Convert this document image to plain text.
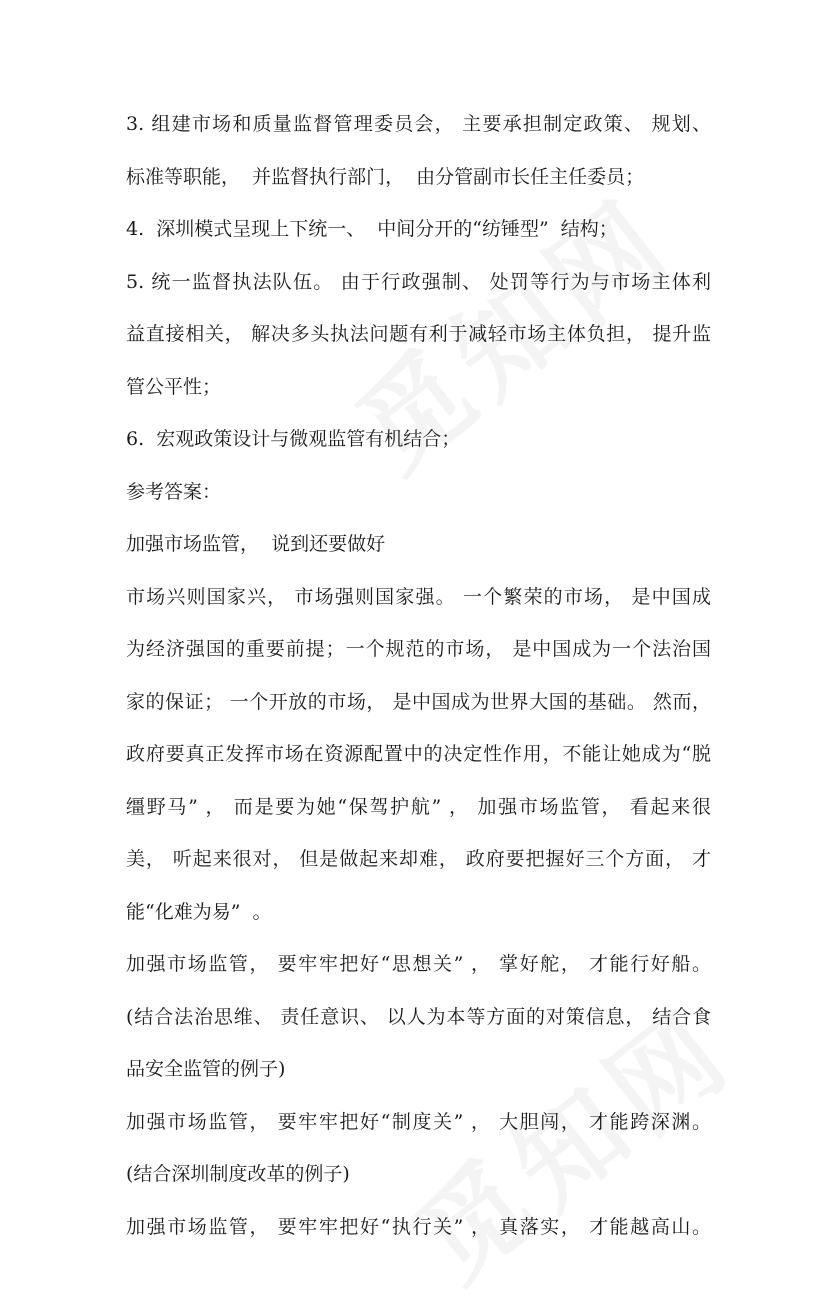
3. 组建市场和质量监督管理委员会， 主要承担制定政策、 规划、
标准等职能，  并监督执行部门，  由分管副市长任主任委员；
4.  深圳模式呈现上下统一、  中间分开的“纺锤型”  结构；
5. 统一监督执法队伍。 由于行政强制、 处罚等行为与市场主体利
益直接相关， 解决多头执法问题有利于减轻市场主体负担， 提升监
管公平性；
6.  宏观政策设计与微观监管有机结合；
参考答案：
加强市场监管，  说到还要做好
市场兴则国家兴， 市场强则国家强。 一个繁荣的市场， 是中国成
为经济强国的重要前提；一个规范的市场， 是中国成为一个法治国
家的保证； 一个开放的市场， 是中国成为世界大国的基础。 然而，
政府要真正发挥市场在资源配置中的决定性作用，不能让她成为“脱
缰野马” ， 而是要为她“保驾护航” ， 加强市场监管， 看起来很
美， 听起来很对， 但是做起来却难， 政府要把握好三个方面， 才
能“化难为易”  。
加强市场监管， 要牢牢把好“思想关” ， 掌好舵， 才能行好船。
(结合法治思维、 责任意识、 以人为本等方面的对策信息， 结合食
品安全监管的例子)
加强市场监管， 要牢牢把好“制度关” ， 大胆闯， 才能跨深渊。
(结合深圳制度改革的例子)
加强市场监管， 要牢牢把好“执行关” ， 真落实， 才能越高山。
